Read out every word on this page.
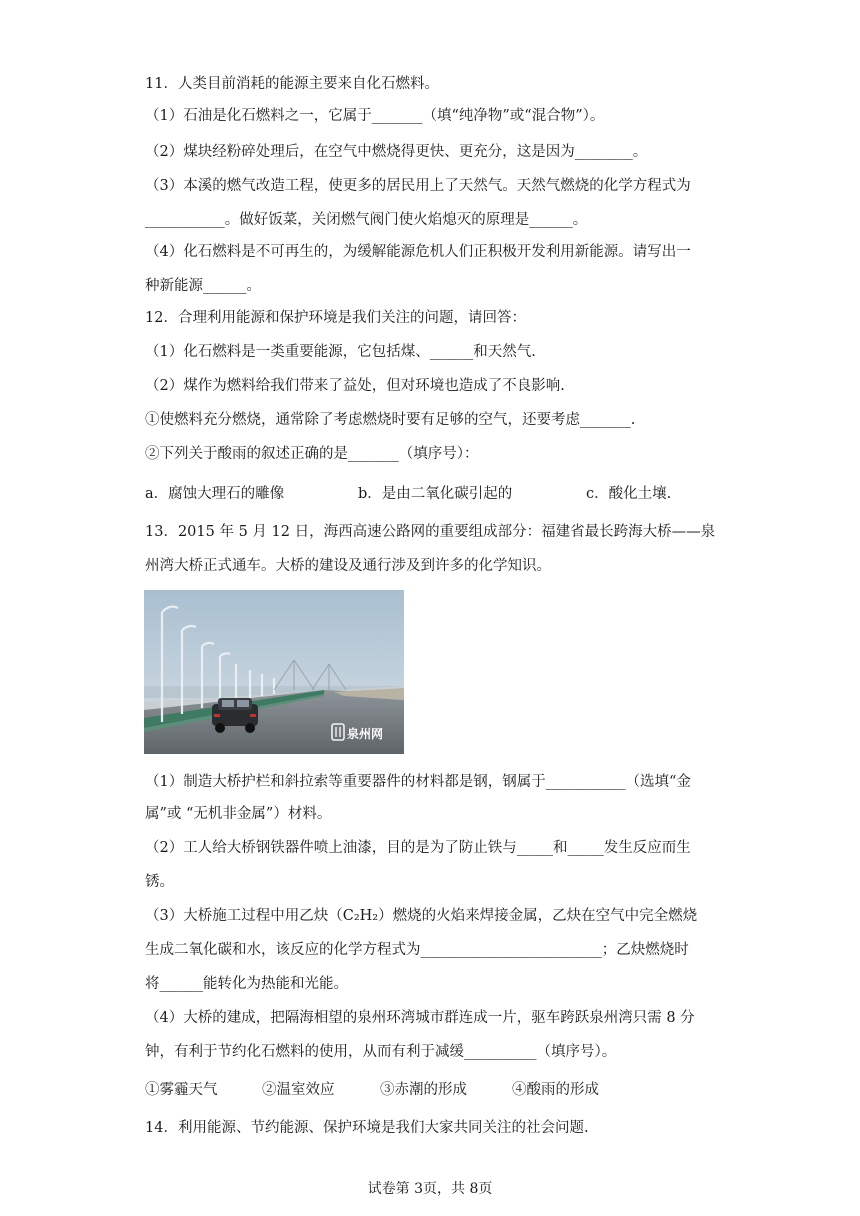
11．人类目前消耗的能源主要来自化石燃料。
（1）石油是化石燃料之一，它属于_______（填“纯净物”或“混合物”）。
（2）煤块经粉碎处理后，在空气中燃烧得更快、更充分，这是因为________。
（3）本溪的燃气改造工程，使更多的居民用上了天然气。天然气燃烧的化学方程式为
___________。做好饭菜，关闭燃气阀门使火焰熄灭的原理是______。
（4）化石燃料是不可再生的，为缓解能源危机人们正积极开发利用新能源。请写出一
种新能源______。
12．合理利用能源和保护环境是我们关注的问题，请回答：
（1）化石燃料是一类重要能源，它包括煤、______和天然气.
（2）煤作为燃料给我们带来了益处，但对环境也造成了不良影响.
①使燃料充分燃烧，通常除了考虑燃烧时要有足够的空气，还要考虑_______.
②下列关于酸雨的叙述正确的是_______（填序号）：
a．腐蚀大理石的雕像	b．是由二氧化碳引起的	c．酸化土壤.
13．2015 年 5 月 12 日，海西高速公路网的重要组成部分：福建省最长跨海大桥——泉
州湾大桥正式通车。大桥的建设及通行涉及到许多的化学知识。
泉州网
（1）制造大桥护栏和斜拉索等重要器件的材料都是钢，钢属于___________（选填“金
属”或 “无机非金属”）材料。
（2）工人给大桥钢铁器件喷上油漆，目的是为了防止铁与_____和_____发生反应而生
锈。
（3）大桥施工过程中用乙炔（C₂H₂）燃烧的火焰来焊接金属，乙炔在空气中完全燃烧
生成二氧化碳和水，该反应的化学方程式为_________________________；乙炔燃烧时
将______能转化为热能和光能。
（4）大桥的建成，把隔海相望的泉州环湾城市群连成一片，驱车跨跃泉州湾只需 8 分
钟，有利于节约化石燃料的使用，从而有利于减缓__________（填序号）。
①雾霾天气	②温室效应	③赤潮的形成	④酸雨的形成
14．利用能源、节约能源、保护环境是我们大家共同关注的社会问题.
试卷第 3页，共 8页
